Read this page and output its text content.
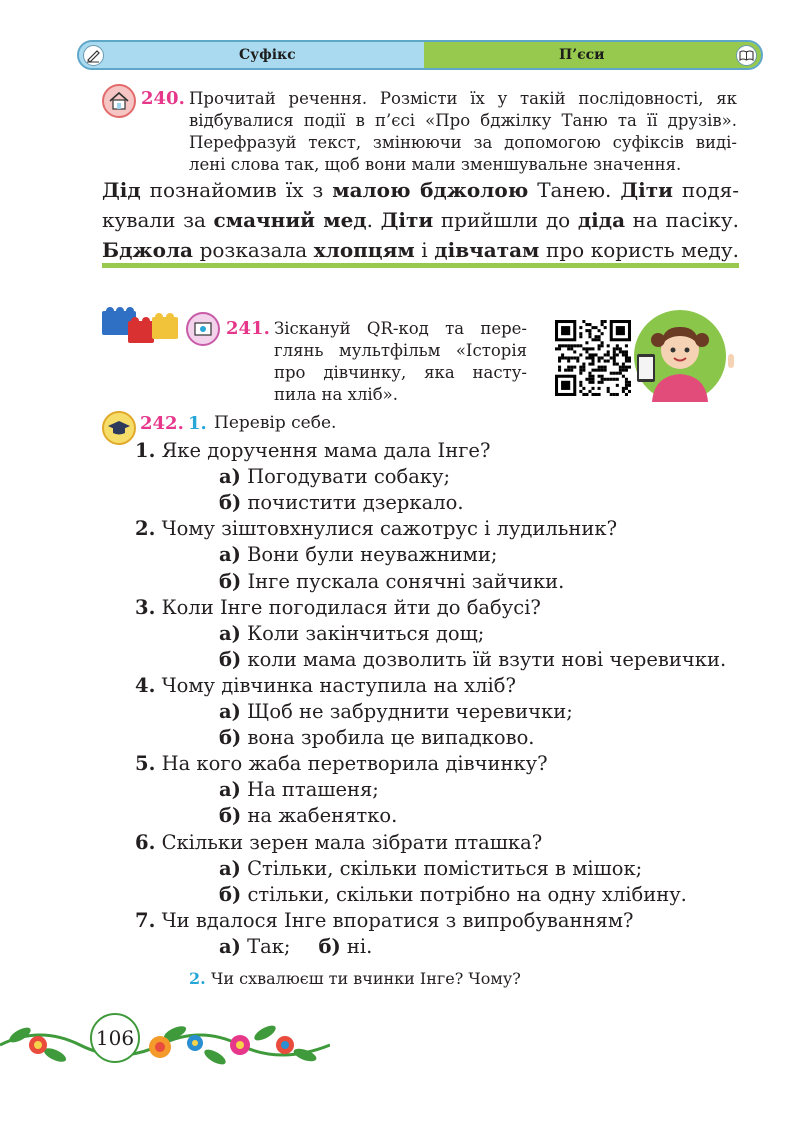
Суфікс	П’єси
240. Прочитай речення. Розмісти їх у такій послідовності, як
відбувалися події в п’єсі «Про бджілку Таню та її друзів».
Перефразуй текст, змінюючи за допомогою суфіксів виді-
лені слова так, щоб вони мали зменшувальне значення.
Дід познайомив їх з малою бджолою Танею. Діти подя-
кували за смачний мед. Діти прийшли до діда на пасіку.
Бджола розказала хлопцям і дівчатам про користь меду.
241. Зіскануй QR-код та пере-
глянь мультфільм «Історія
про дівчинку, яка насту-
пила на хліб».
242. 1. Перевір себе.
1. Яке доручення мама дала Інге?
а) Погодувати собаку;
б) почистити дзеркало.
2. Чому зіштовхнулися сажотрус і лудильник?
а) Вони були неуважними;
б) Інге пускала сонячні зайчики.
3. Коли Інге погодилася йти до бабусі?
а) Коли закінчиться дощ;
б) коли мама дозволить їй взути нові черевички.
4. Чому дівчинка наступила на хліб?
а) Щоб не забруднити черевички;
б) вона зробила це випадково.
5. На кого жаба перетворила дівчинку?
а) На пташеня;
б) на жабенятко.
6. Скільки зерен мала зібрати пташка?
а) Стільки, скільки поміститься в мішок;
б) стільки, скільки потрібно на одну хлібину.
7. Чи вдалося Інге впоратися з випробуванням?
а) Так; б) ні.
2. Чи схвалюєш ти вчинки Інге? Чому?
106
